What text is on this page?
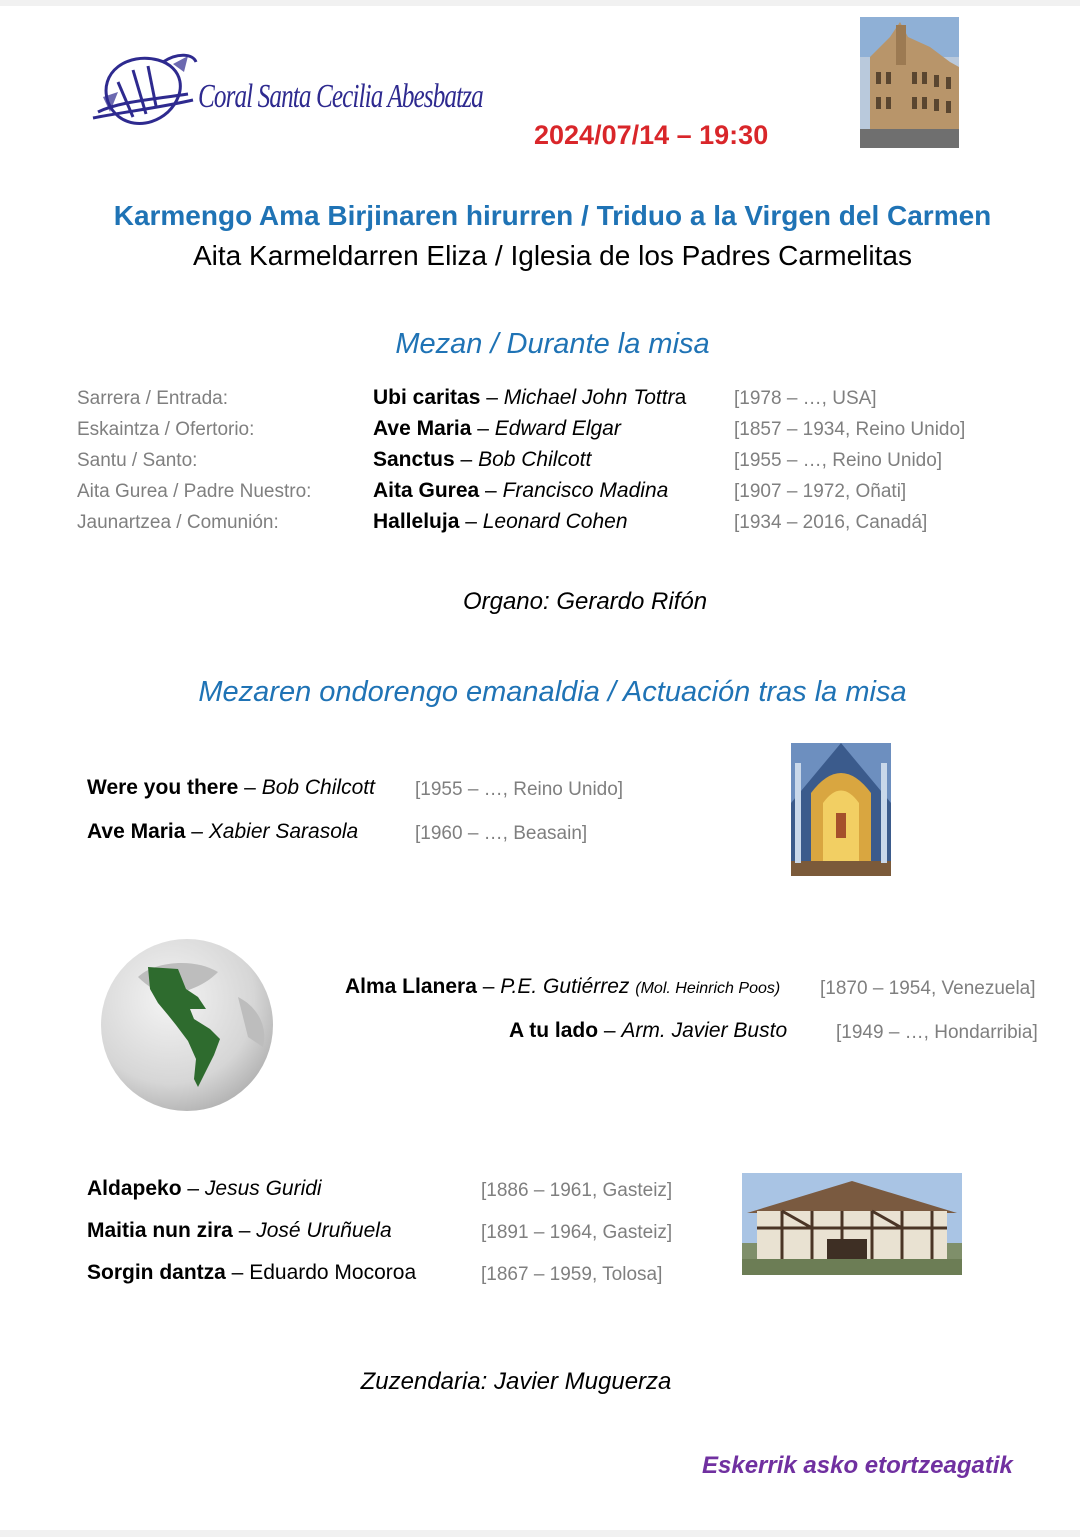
Coral Santa Cecilia Abesbatza
2024/07/14 – 19:30
Karmengo Ama Birjinaren hirurren / Triduo a la Virgen del Carmen
Aita Karmeldarren Eliza / Iglesia de los Padres Carmelitas
Mezan / Durante la misa
Sarrera / Entrada:	Ubi caritas – Michael John Tottra	[1978 – …, USA]
Eskaintza / Ofertorio:	Ave Maria – Edward Elgar	[1857 – 1934, Reino Unido]
Santu / Santo:	Sanctus – Bob Chilcott	[1955 – …, Reino Unido]
Aita Gurea / Padre Nuestro:	Aita Gurea – Francisco Madina	[1907 – 1972, Oñati]
Jaunartzea / Comunión:	Halleluja – Leonard Cohen	[1934 – 2016, Canadá]
Organo: Gerardo Rifón
Mezaren ondorengo emanaldia / Actuación tras la misa
Were you there – Bob Chilcott [1955 – …, Reino Unido]
Ave Maria – Xabier Sarasola	[1960 – …, Beasain]
Alma Llanera – P.E. Gutiérrez (Mol. Heinrich Poos) [1870 – 1954, Venezuela]
A tu lado – Arm. Javier Busto	[1949 – …, Hondarribia]
Aldapeko – Jesus Guridi	[1886 – 1961, Gasteiz]
Maitia nun zira – José Uruñuela	[1891 – 1964, Gasteiz]
Sorgin dantza – Eduardo Mocoroa	[1867 – 1959, Tolosa]
Zuzendaria: Javier Muguerza
Eskerrik asko etortzeagatik
